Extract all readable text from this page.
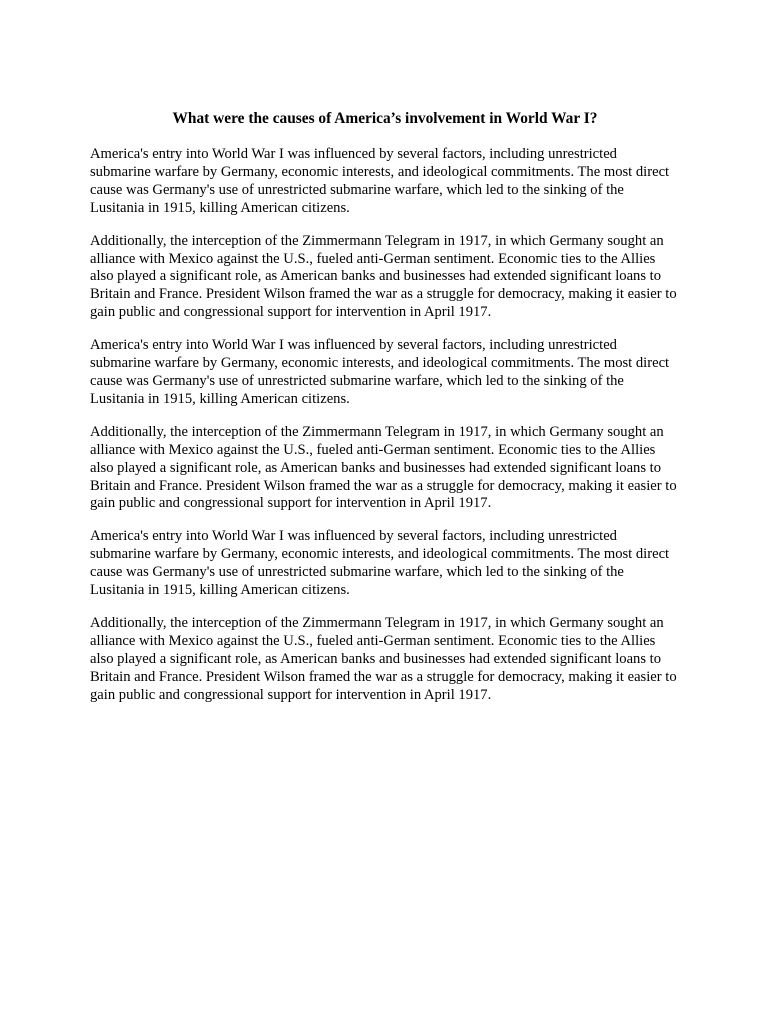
What were the causes of America’s involvement in World War I?

America's entry into World War I was influenced by several factors, including unrestricted submarine warfare by Germany, economic interests, and ideological commitments. The most direct cause was Germany's use of unrestricted submarine warfare, which led to the sinking of the Lusitania in 1915, killing American citizens.

Additionally, the interception of the Zimmermann Telegram in 1917, in which Germany sought an alliance with Mexico against the U.S., fueled anti-German sentiment. Economic ties to the Allies also played a significant role, as American banks and businesses had extended significant loans to Britain and France. President Wilson framed the war as a struggle for democracy, making it easier to gain public and congressional support for intervention in April 1917.

America's entry into World War I was influenced by several factors, including unrestricted submarine warfare by Germany, economic interests, and ideological commitments. The most direct cause was Germany's use of unrestricted submarine warfare, which led to the sinking of the Lusitania in 1915, killing American citizens.

Additionally, the interception of the Zimmermann Telegram in 1917, in which Germany sought an alliance with Mexico against the U.S., fueled anti-German sentiment. Economic ties to the Allies also played a significant role, as American banks and businesses had extended significant loans to Britain and France. President Wilson framed the war as a struggle for democracy, making it easier to gain public and congressional support for intervention in April 1917.

America's entry into World War I was influenced by several factors, including unrestricted submarine warfare by Germany, economic interests, and ideological commitments. The most direct cause was Germany's use of unrestricted submarine warfare, which led to the sinking of the Lusitania in 1915, killing American citizens.

Additionally, the interception of the Zimmermann Telegram in 1917, in which Germany sought an alliance with Mexico against the U.S., fueled anti-German sentiment. Economic ties to the Allies also played a significant role, as American banks and businesses had extended significant loans to Britain and France. President Wilson framed the war as a struggle for democracy, making it easier to gain public and congressional support for intervention in April 1917.
